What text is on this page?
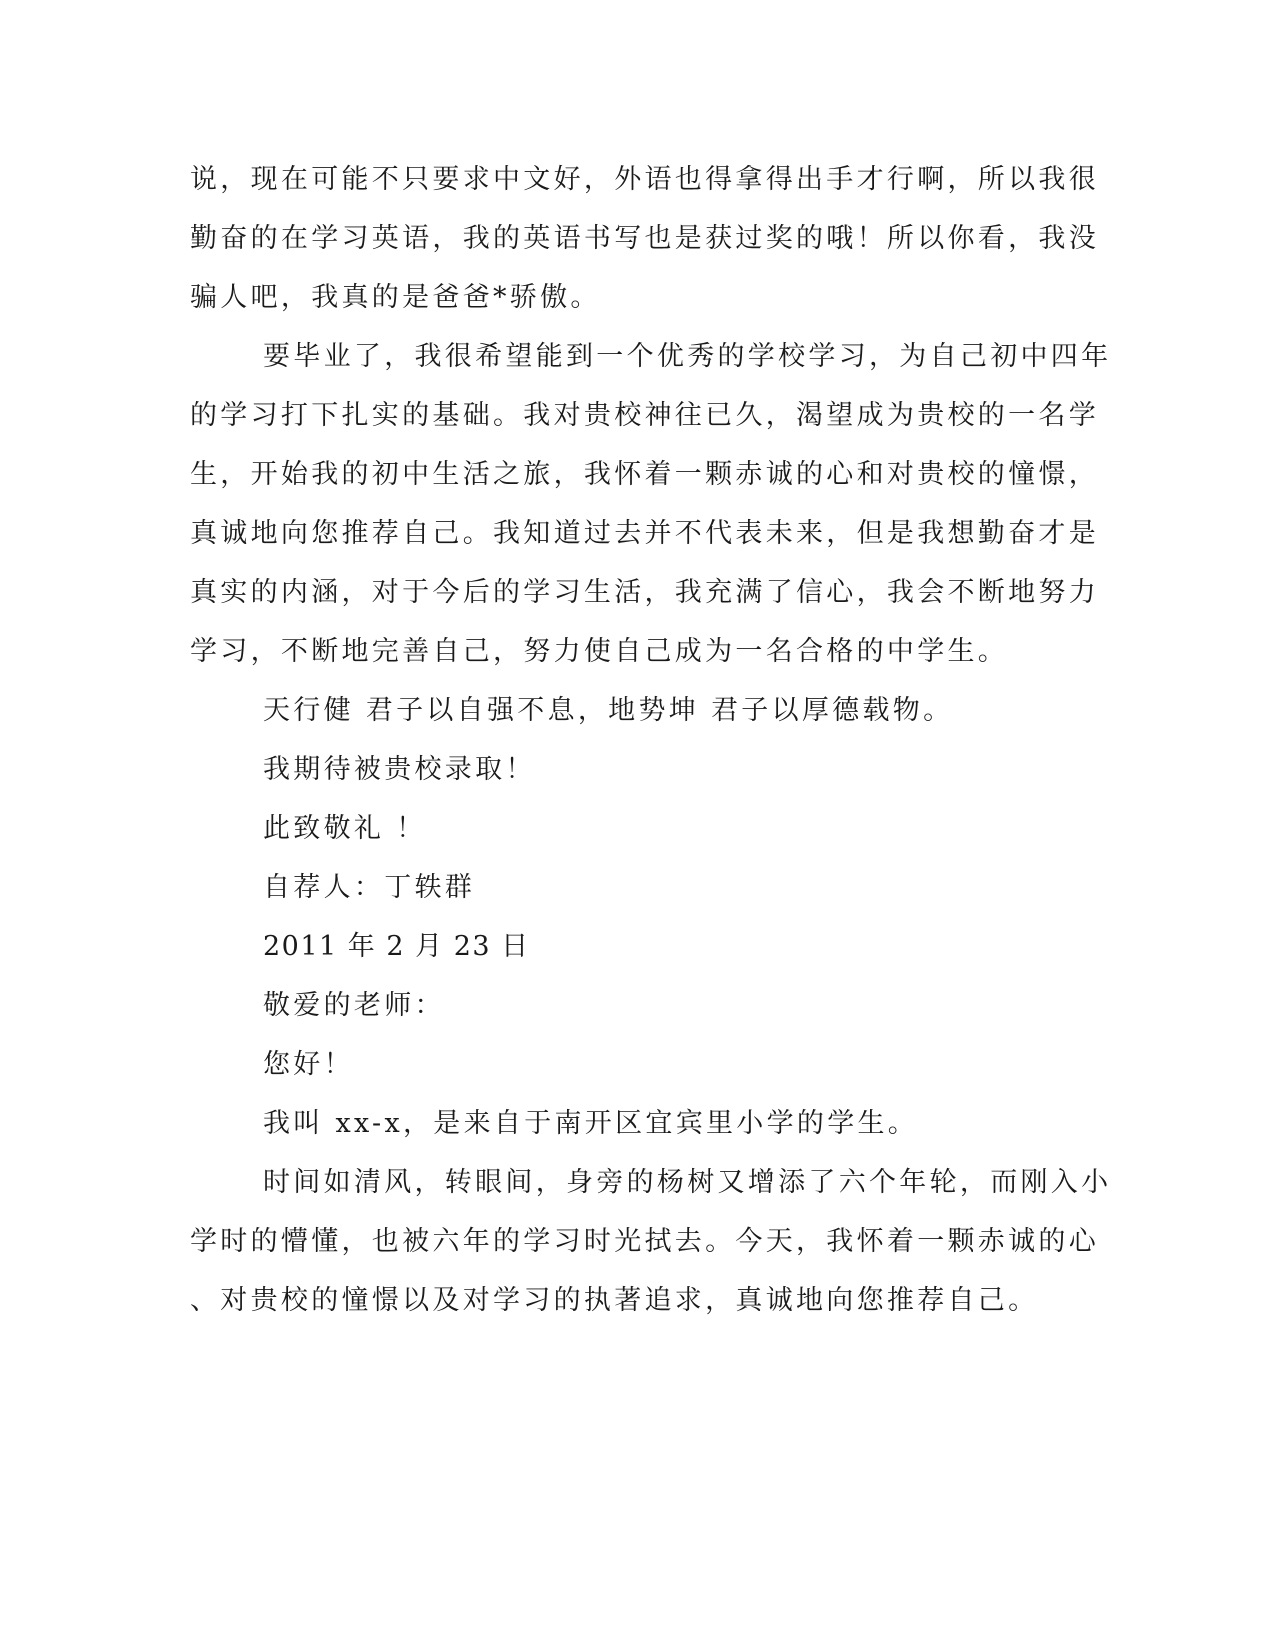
说，现在可能不只要求中文好，外语也得拿得出手才行啊，所以我很
勤奋的在学习英语，我的英语书写也是获过奖的哦！所以你看，我没
骗人吧，我真的是爸爸*骄傲。
要毕业了，我很希望能到一个优秀的学校学习，为自己初中四年
的学习打下扎实的基础。我对贵校神往已久，渴望成为贵校的一名学
生，开始我的初中生活之旅，我怀着一颗赤诚的心和对贵校的憧憬，
真诚地向您推荐自己。我知道过去并不代表未来，但是我想勤奋才是
真实的内涵，对于今后的学习生活，我充满了信心，我会不断地努力
学习，不断地完善自己，努力使自己成为一名合格的中学生。
天行健 君子以自强不息，地势坤 君子以厚德载物。
我期待被贵校录取！
此致敬礼 ！
自荐人：丁轶群
2011 年 2 月 23 日
敬爱的老师：
您好！
我叫 xx-x，是来自于南开区宜宾里小学的学生。
时间如清风，转眼间，身旁的杨树又增添了六个年轮，而刚入小
学时的懵懂，也被六年的学习时光拭去。今天，我怀着一颗赤诚的心
、对贵校的憧憬以及对学习的执著追求，真诚地向您推荐自己。
